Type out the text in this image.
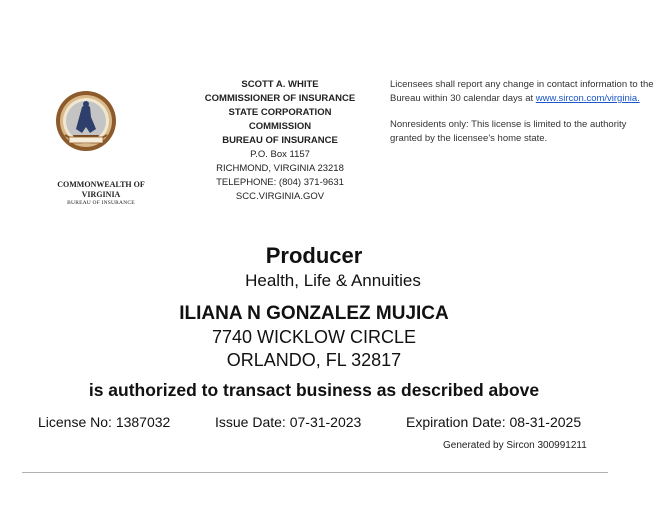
COMMONWEALTH OF
VIRGINIA
BUREAU OF INSURANCE
SCOTT A. WHITE
COMMISSIONER OF INSURANCE
STATE CORPORATION
COMMISSION
BUREAU OF INSURANCE
P.O. Box 1157
RICHMOND, VIRGINIA 23218
TELEPHONE: (804) 371-9631
SCC.VIRGINIA.GOV

Licensees shall report any change in contact information to the Bureau within 30 calendar days at www.sircon.com/virginia.

Nonresidents only: This license is limited to the authority granted by the licensee’s home state.

Producer
Health, Life & Annuities
ILIANA N GONZALEZ MUJICA
7740 WICKLOW CIRCLE
ORLANDO, FL 32817
is authorized to transact business as described above
License No: 1387032	Issue Date: 07-31-2023	Expiration Date: 08-31-2025
Generated by Sircon 300991211
